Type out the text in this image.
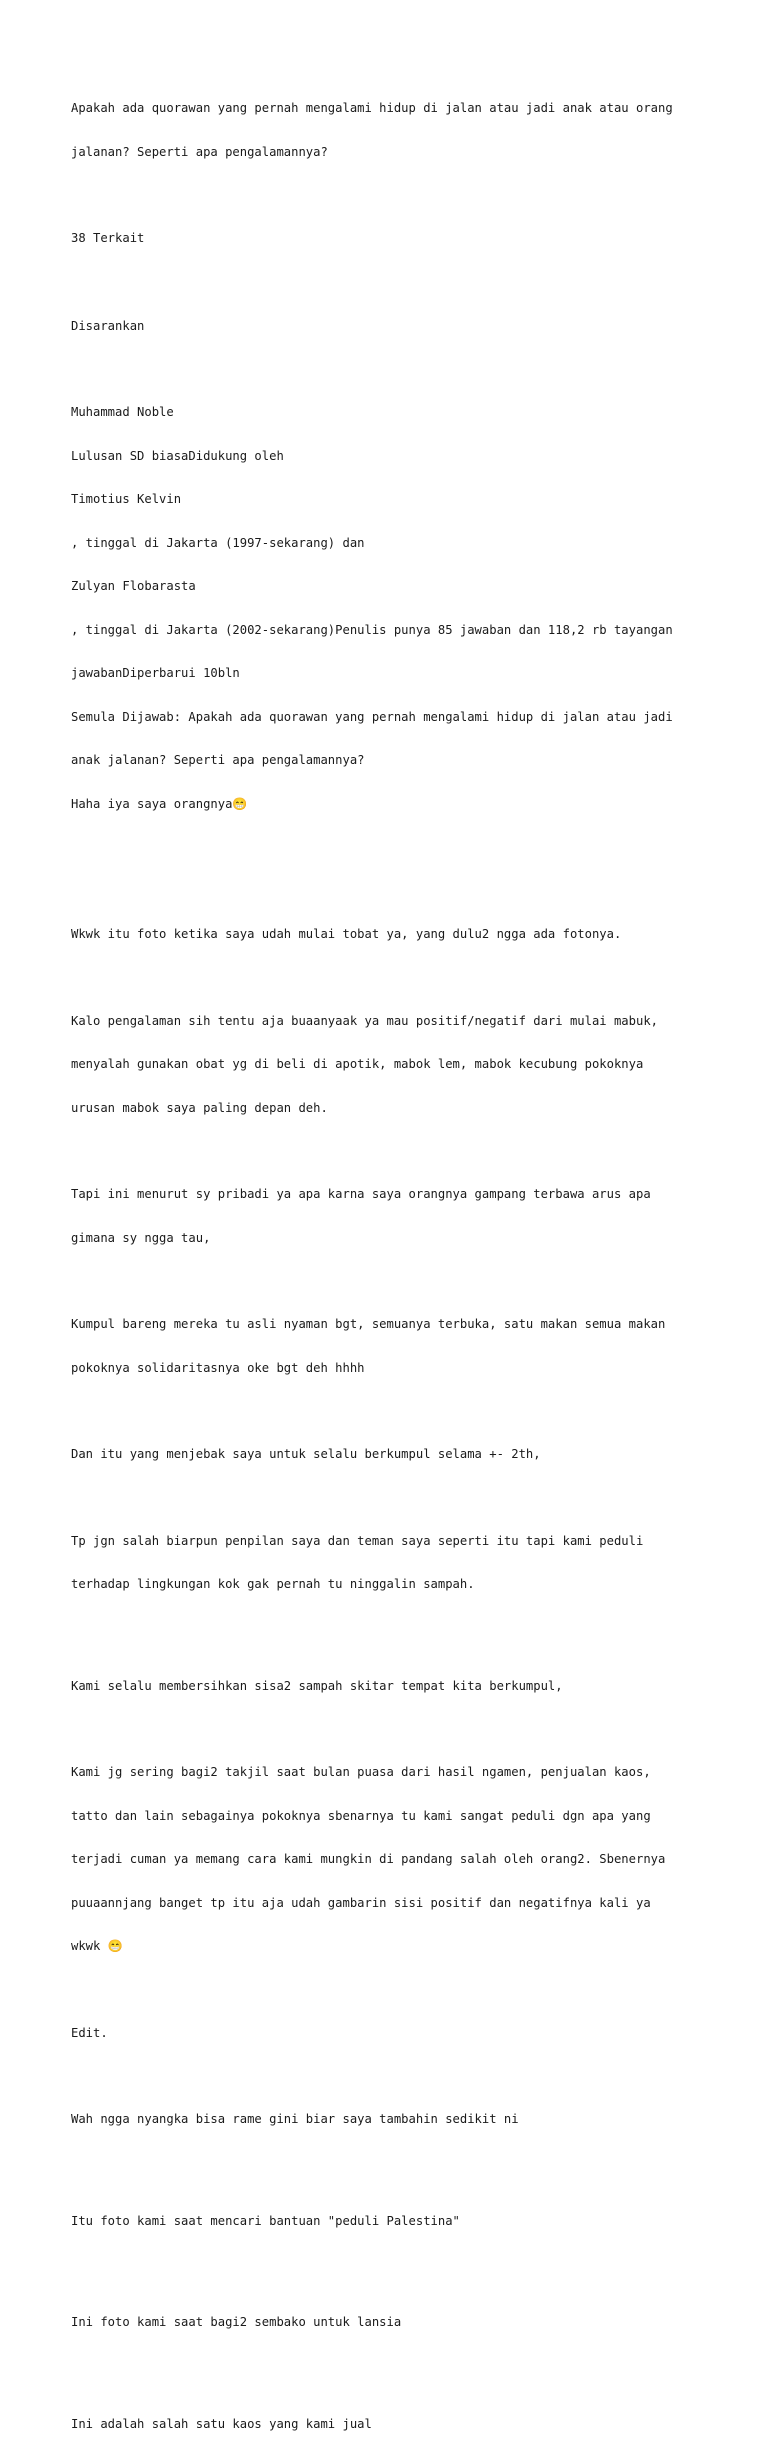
Apakah ada quorawan yang pernah mengalami hidup di jalan atau jadi anak atau orang

jalanan? Seperti apa pengalamannya?

38 Terkait

Disarankan

Muhammad Noble

Lulusan SD biasaDidukung oleh

Timotius Kelvin

, tinggal di Jakarta (1997-sekarang) dan

Zulyan Flobarasta

, tinggal di Jakarta (2002-sekarang)Penulis punya 85 jawaban dan 118,2 rb tayangan

jawabanDiperbarui 10bln

Semula Dijawab: Apakah ada quorawan yang pernah mengalami hidup di jalan atau jadi

anak jalanan? Seperti apa pengalamannya?

Haha iya saya orangnya😁

Wkwk itu foto ketika saya udah mulai tobat ya, yang dulu2 ngga ada fotonya.

Kalo pengalaman sih tentu aja buaanyaak ya mau positif/negatif dari mulai mabuk,

menyalah gunakan obat yg di beli di apotik, mabok lem, mabok kecubung pokoknya

urusan mabok saya paling depan deh.

Tapi ini menurut sy pribadi ya apa karna saya orangnya gampang terbawa arus apa

gimana sy ngga tau,

Kumpul bareng mereka tu asli nyaman bgt, semuanya terbuka, satu makan semua makan

pokoknya solidaritasnya oke bgt deh hhhh

Dan itu yang menjebak saya untuk selalu berkumpul selama +- 2th,

Tp jgn salah biarpun penpilan saya dan teman saya seperti itu tapi kami peduli

terhadap lingkungan kok gak pernah tu ninggalin sampah.

Kami selalu membersihkan sisa2 sampah skitar tempat kita berkumpul,

Kami jg sering bagi2 takjil saat bulan puasa dari hasil ngamen, penjualan kaos,

tatto dan lain sebagainya pokoknya sbenarnya tu kami sangat peduli dgn apa yang

terjadi cuman ya memang cara kami mungkin di pandang salah oleh orang2. Sbenernya

puuaannjang banget tp itu aja udah gambarin sisi positif dan negatifnya kali ya

wkwk 😁

Edit.

Wah ngga nyangka bisa rame gini biar saya tambahin sedikit ni

Itu foto kami saat mencari bantuan "peduli Palestina"

Ini foto kami saat bagi2 sembako untuk lansia

Ini adalah salah satu kaos yang kami jual
